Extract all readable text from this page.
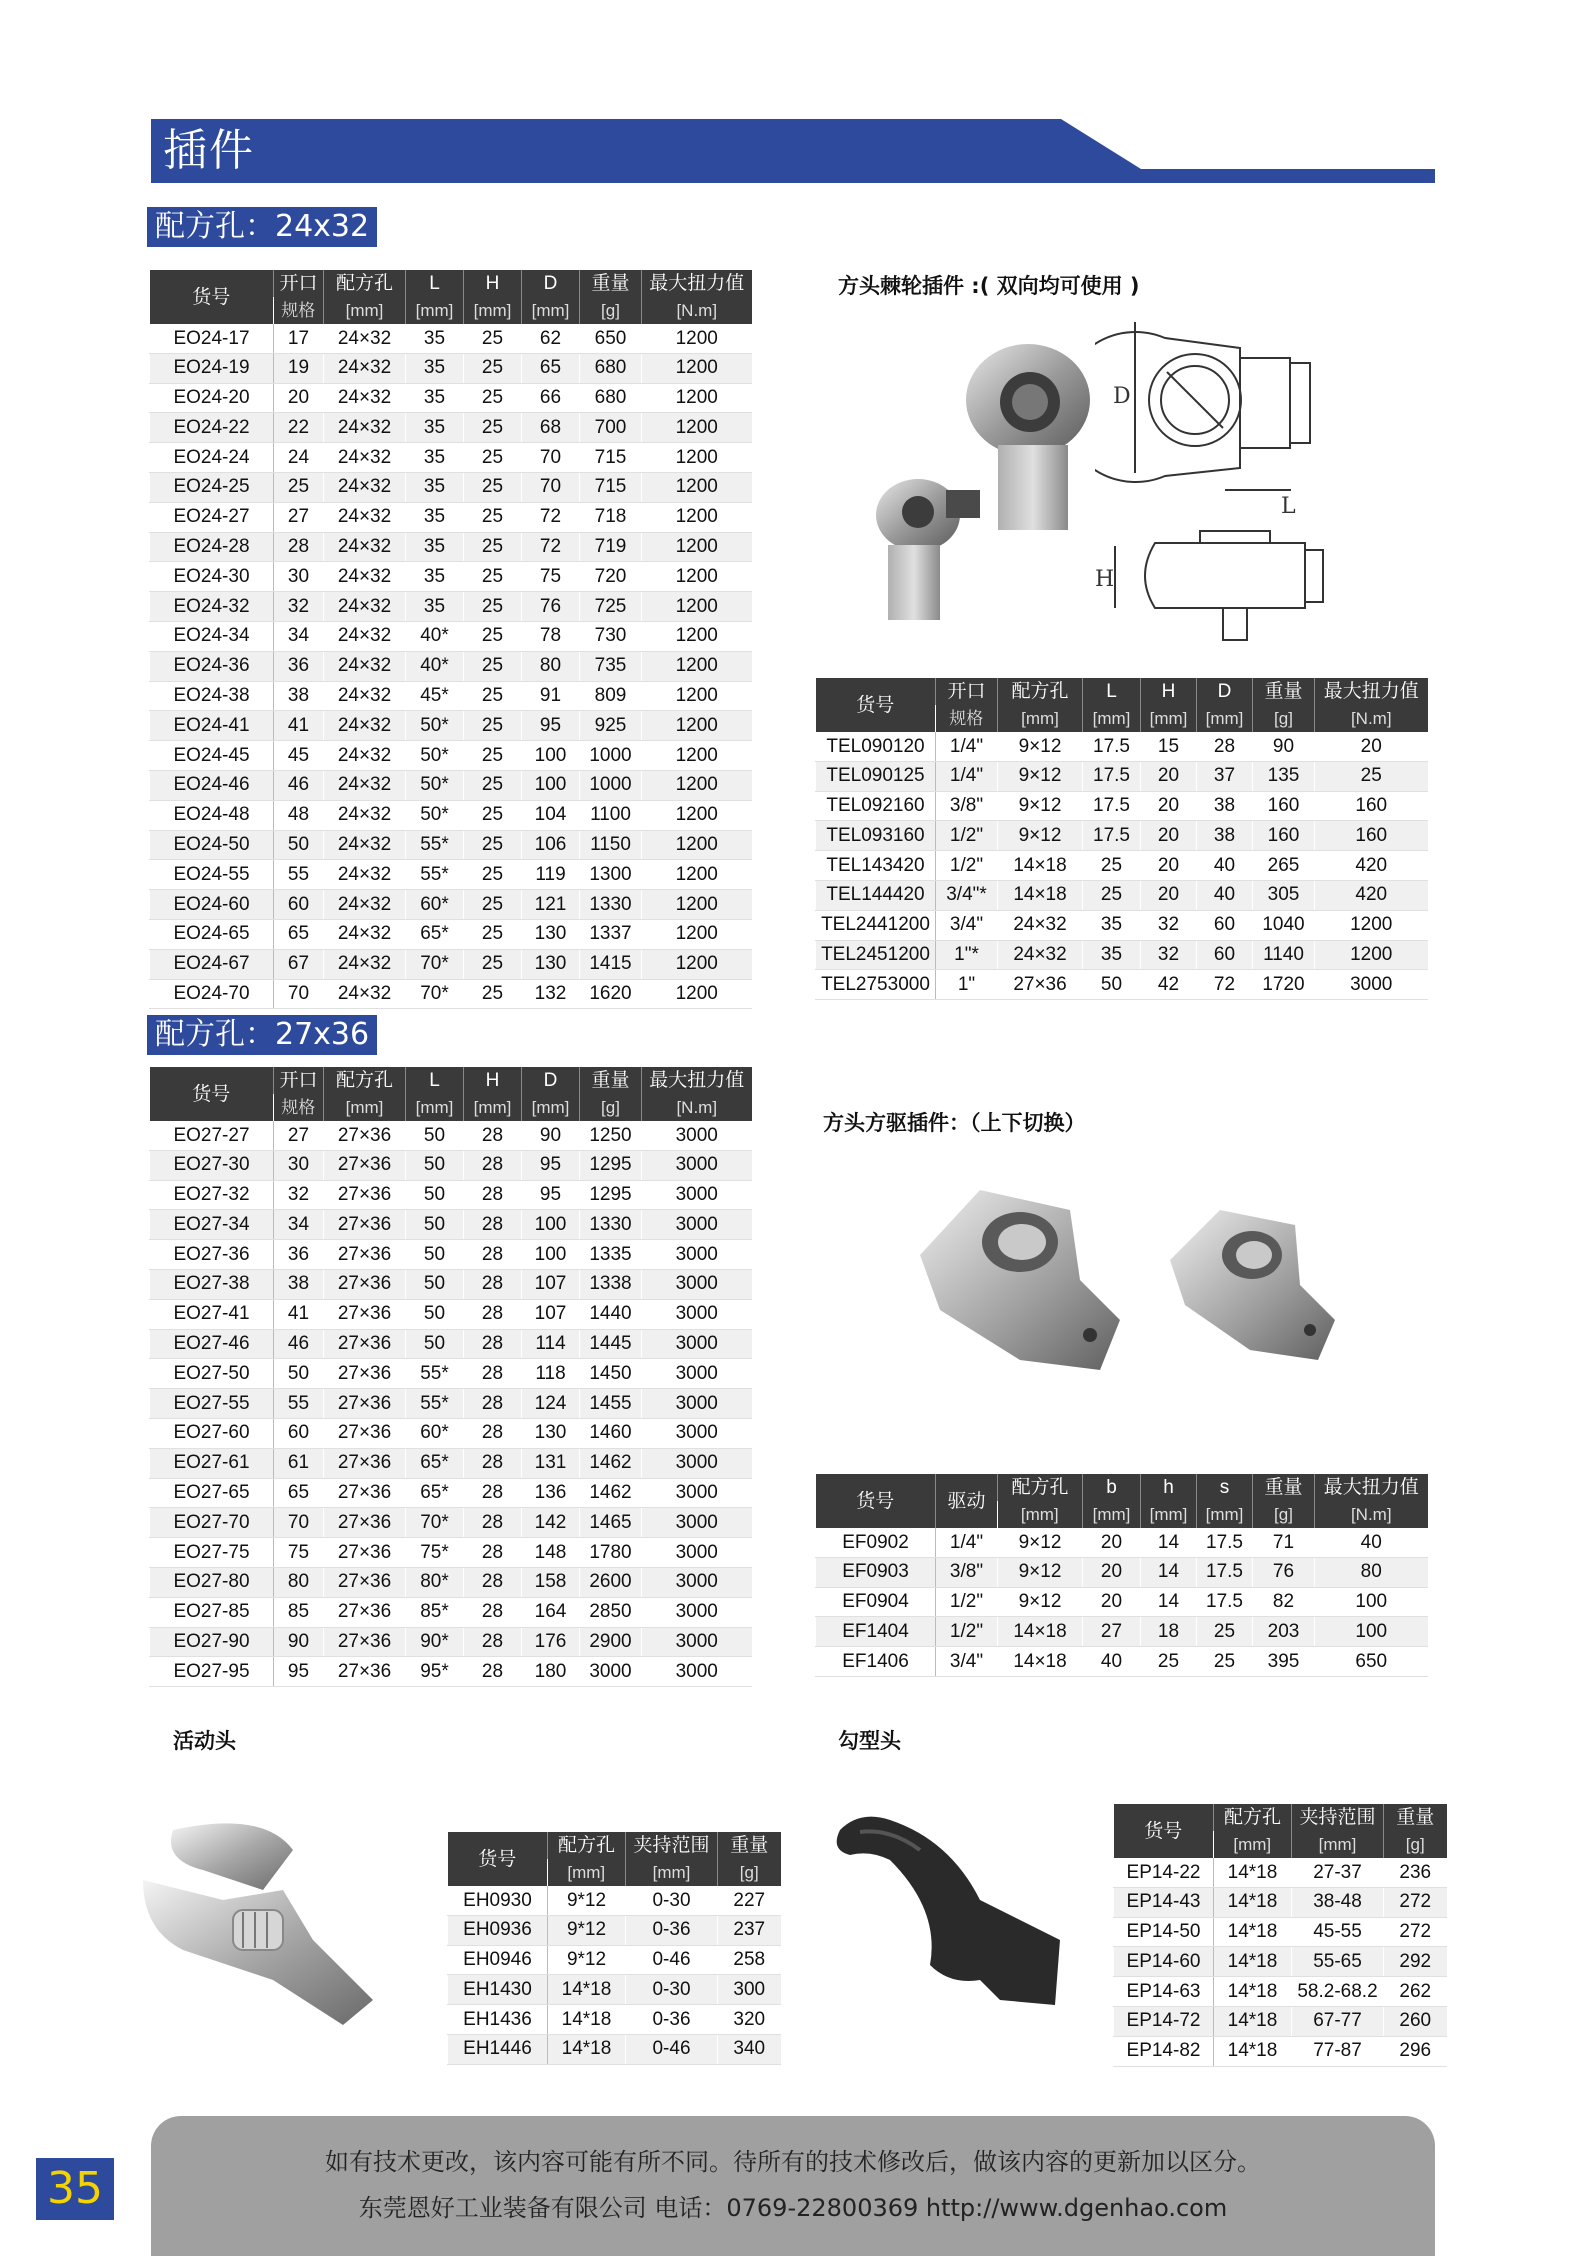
插件
配方孔：24x32
配方孔：27x36
货号	开口	配方孔	L	H	D	重量	最大扭力值
	规格	[mm]	[mm]	[mm]	[mm]	[g]	[N.m]
EO24-17	17	24×32	35	25	62	650	1200
EO24-19	19	24×32	35	25	65	680	1200
EO24-20	20	24×32	35	25	66	680	1200
EO24-22	22	24×32	35	25	68	700	1200
EO24-24	24	24×32	35	25	70	715	1200
EO24-25	25	24×32	35	25	70	715	1200
EO24-27	27	24×32	35	25	72	718	1200
EO24-28	28	24×32	35	25	72	719	1200
EO24-30	30	24×32	35	25	75	720	1200
EO24-32	32	24×32	35	25	76	725	1200
EO24-34	34	24×32	40*	25	78	730	1200
EO24-36	36	24×32	40*	25	80	735	1200
EO24-38	38	24×32	45*	25	91	809	1200
EO24-41	41	24×32	50*	25	95	925	1200
EO24-45	45	24×32	50*	25	100	1000	1200
EO24-46	46	24×32	50*	25	100	1000	1200
EO24-48	48	24×32	50*	25	104	1100	1200
EO24-50	50	24×32	55*	25	106	1150	1200
EO24-55	55	24×32	55*	25	119	1300	1200
EO24-60	60	24×32	60*	25	121	1330	1200
EO24-65	65	24×32	65*	25	130	1337	1200
EO24-67	67	24×32	70*	25	130	1415	1200
EO24-70	70	24×32	70*	25	132	1620	1200
货号	开口	配方孔	L	H	D	重量	最大扭力值
	规格	[mm]	[mm]	[mm]	[mm]	[g]	[N.m]
EO27-27	27	27×36	50	28	90	1250	3000
EO27-30	30	27×36	50	28	95	1295	3000
EO27-32	32	27×36	50	28	95	1295	3000
EO27-34	34	27×36	50	28	100	1330	3000
EO27-36	36	27×36	50	28	100	1335	3000
EO27-38	38	27×36	50	28	107	1338	3000
EO27-41	41	27×36	50	28	107	1440	3000
EO27-46	46	27×36	50	28	114	1445	3000
EO27-50	50	27×36	55*	28	118	1450	3000
EO27-55	55	27×36	55*	28	124	1455	3000
EO27-60	60	27×36	60*	28	130	1460	3000
EO27-61	61	27×36	65*	28	131	1462	3000
EO27-65	65	27×36	65*	28	136	1462	3000
EO27-70	70	27×36	70*	28	142	1465	3000
EO27-75	75	27×36	75*	28	148	1780	3000
EO27-80	80	27×36	80*	28	158	2600	3000
EO27-85	85	27×36	85*	28	164	2850	3000
EO27-90	90	27×36	90*	28	176	2900	3000
EO27-95	95	27×36	95*	28	180	3000	3000
货号	开口	配方孔	L	H	D	重量	最大扭力值
	规格	[mm]	[mm]	[mm]	[mm]	[g]	[N.m]
TEL090120	1/4"	9×12	17.5	15	28	90	20
TEL090125	1/4"	9×12	17.5	20	37	135	25
TEL092160	3/8"	9×12	17.5	20	38	160	160
TEL093160	1/2"	9×12	17.5	20	38	160	160
TEL143420	1/2"	14×18	25	20	40	265	420
TEL144420	3/4"*	14×18	25	20	40	305	420
TEL2441200	3/4"	24×32	35	32	60	1040	1200
TEL2451200	1"*	24×32	35	32	60	1140	1200
TEL2753000	1"	27×36	50	42	72	1720	3000
货号	驱动	配方孔	b	h	s	重量	最大扭力值
		[mm]	[mm]	[mm]	[mm]	[g]	[N.m]
EF0902	1/4"	9×12	20	14	17.5	71	40
EF0903	3/8"	9×12	20	14	17.5	76	80
EF0904	1/2"	9×12	20	14	17.5	82	100
EF1404	1/2"	14×18	27	18	25	203	100
EF1406	3/4"	14×18	40	25	25	395	650
货号	配方孔	夹持范围	重量
	[mm]	[mm]	[g]
EH0930	9*12	0-30	227
EH0936	9*12	0-36	237
EH0946	9*12	0-46	258
EH1430	14*18	0-30	300
EH1436	14*18	0-36	320
EH1446	14*18	0-46	340
货号	配方孔	夹持范围	重量
	[mm]	[mm]	[g]
EP14-22	14*18	27-37	236
EP14-43	14*18	38-48	272
EP14-50	14*18	45-55	272
EP14-60	14*18	55-65	292
EP14-63	14*18	58.2-68.2	262
EP14-72	14*18	67-77	260
EP14-82	14*18	77-87	296
方头棘轮插件 :( 双向均可使用 )
方头方驱插件：（上下切换）
活动头	勾型头
D
L
H
如有技术更改，该内容可能有所不同。待所有的技术修改后，做该内容的更新加以区分。
东莞恩好工业装备有限公司 电话：0769-22800369 http://www.dgenhao.com
35
